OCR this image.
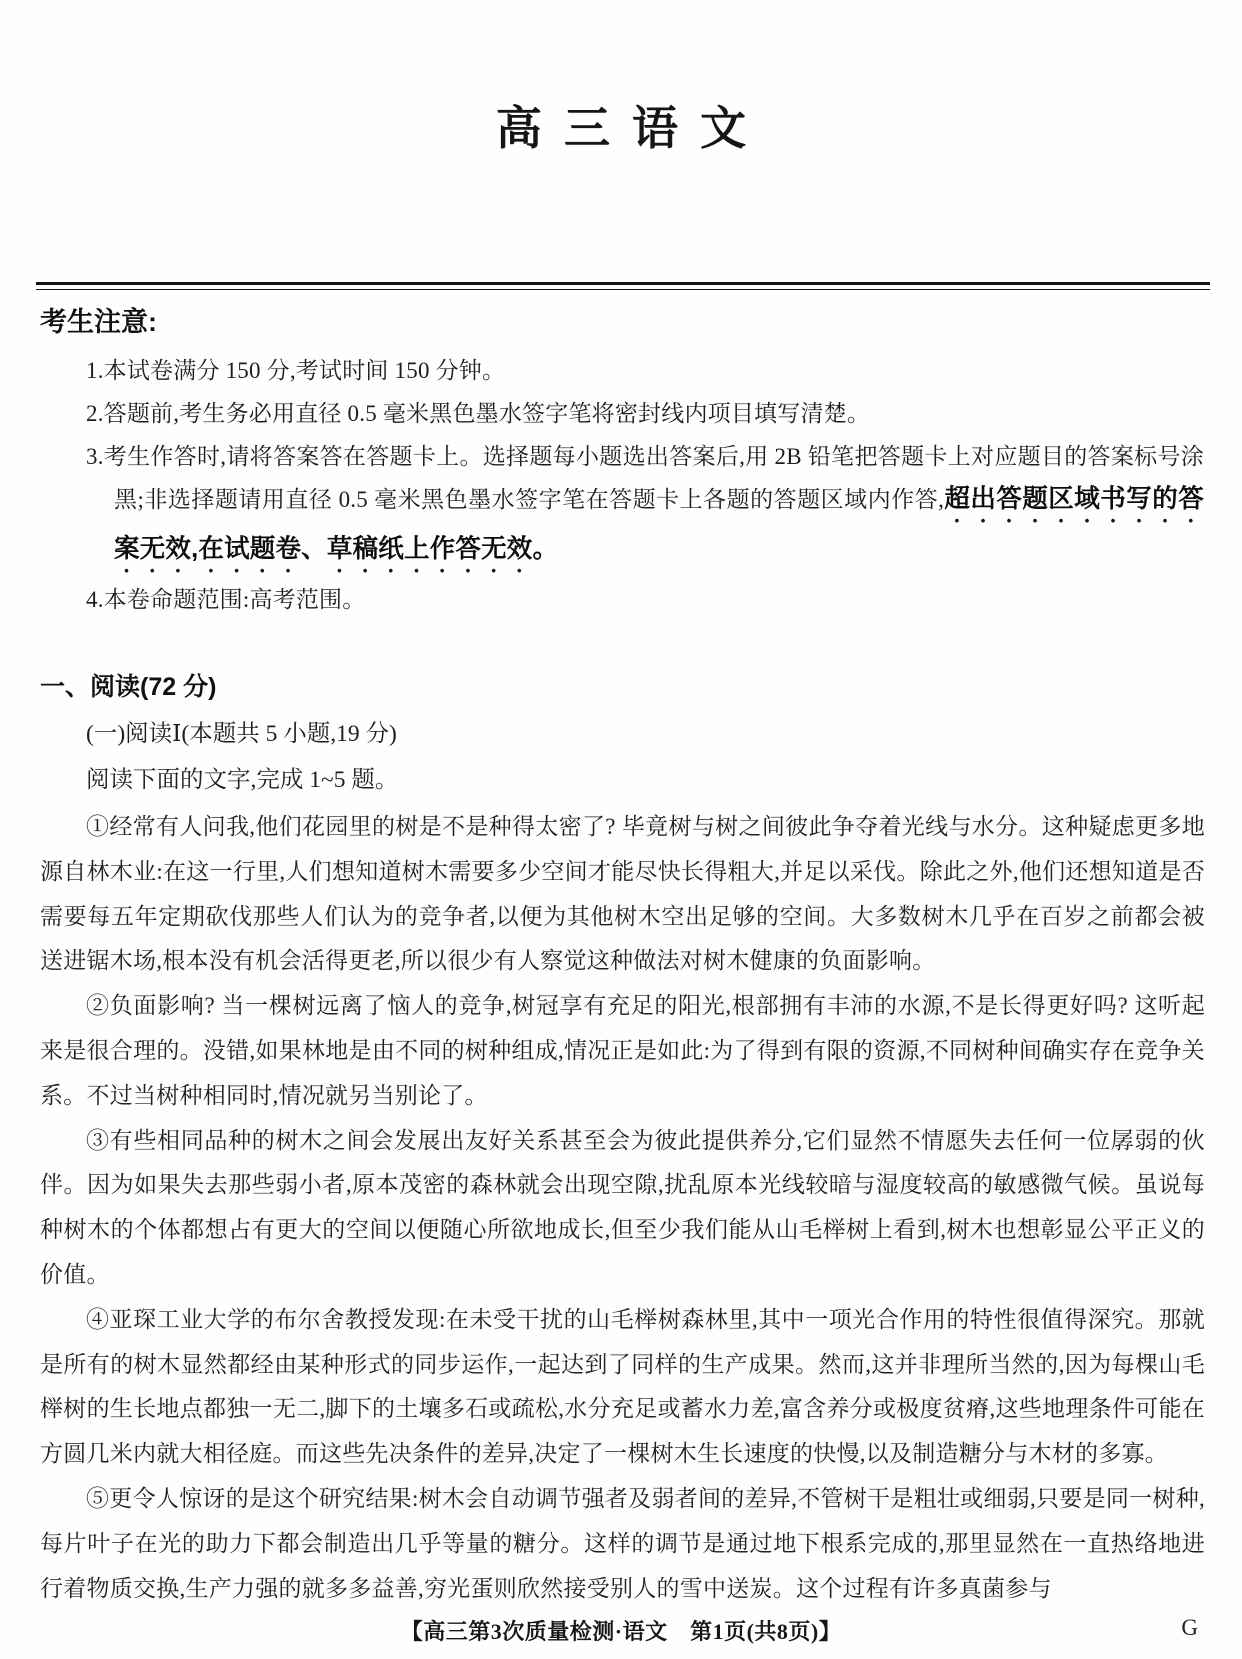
高三语文
考生注意:
1.本试卷满分 150 分,考试时间 150 分钟。
2.答题前,考生务必用直径 0.5 毫米黑色墨水签字笔将密封线内项目填写清楚。
3.考生作答时,请将答案答在答题卡上。选择题每小题选出答案后,用 2B 铅笔把答题卡上对应题目的答案标号涂黑;非选择题请用直径 0.5 毫米黑色墨水签字笔在答题卡上各题的答题区域内作答,超出答题区域书写的答案无效,在试题卷、草稿纸上作答无效。
4.本卷命题范围:高考范围。
一、阅读(72 分)
(一)阅读Ⅰ(本题共 5 小题,19 分)
阅读下面的文字,完成 1~5 题。
①经常有人问我,他们花园里的树是不是种得太密了? 毕竟树与树之间彼此争夺着光线与水分。这种疑虑更多地源自林木业:在这一行里,人们想知道树木需要多少空间才能尽快长得粗大,并足以采伐。除此之外,他们还想知道是否需要每五年定期砍伐那些人们认为的竞争者,以便为其他树木空出足够的空间。大多数树木几乎在百岁之前都会被送进锯木场,根本没有机会活得更老,所以很少有人察觉这种做法对树木健康的负面影响。
②负面影响? 当一棵树远离了恼人的竞争,树冠享有充足的阳光,根部拥有丰沛的水源,不是长得更好吗? 这听起来是很合理的。没错,如果林地是由不同的树种组成,情况正是如此:为了得到有限的资源,不同树种间确实存在竞争关系。不过当树种相同时,情况就另当别论了。
③有些相同品种的树木之间会发展出友好关系甚至会为彼此提供养分,它们显然不情愿失去任何一位孱弱的伙伴。因为如果失去那些弱小者,原本茂密的森林就会出现空隙,扰乱原本光线较暗与湿度较高的敏感微气候。虽说每种树木的个体都想占有更大的空间以便随心所欲地成长,但至少我们能从山毛榉树上看到,树木也想彰显公平正义的价值。
④亚琛工业大学的布尔舍教授发现:在未受干扰的山毛榉树森林里,其中一项光合作用的特性很值得深究。那就是所有的树木显然都经由某种形式的同步运作,一起达到了同样的生产成果。然而,这并非理所当然的,因为每棵山毛榉树的生长地点都独一无二,脚下的土壤多石或疏松,水分充足或蓄水力差,富含养分或极度贫瘠,这些地理条件可能在方圆几米内就大相径庭。而这些先决条件的差异,决定了一棵树木生长速度的快慢,以及制造糖分与木材的多寡。
⑤更令人惊讶的是这个研究结果:树木会自动调节强者及弱者间的差异,不管树干是粗壮或细弱,只要是同一树种,每片叶子在光的助力下都会制造出几乎等量的糖分。这样的调节是通过地下根系完成的,那里显然在一直热络地进行着物质交换,生产力强的就多多益善,穷光蛋则欣然接受别人的雪中送炭。这个过程有许多真菌参与
【高三第3次质量检测·语文　第1页(共8页)】	G
